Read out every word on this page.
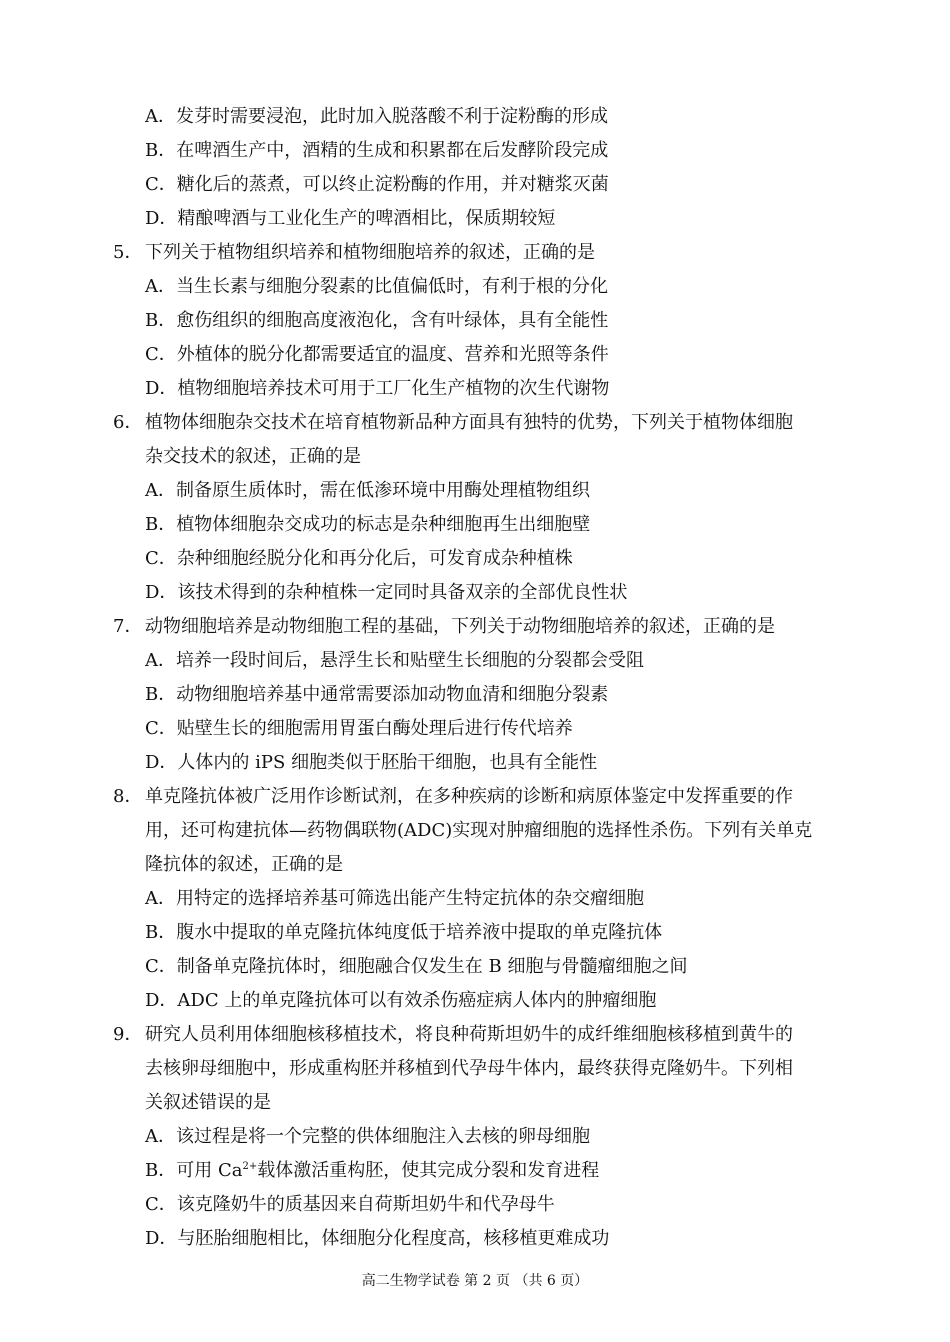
A．发芽时需要浸泡，此时加入脱落酸不利于淀粉酶的形成
B．在啤酒生产中，酒精的生成和积累都在后发酵阶段完成
C．糖化后的蒸煮，可以终止淀粉酶的作用，并对糖浆灭菌
D．精酿啤酒与工业化生产的啤酒相比，保质期较短
5． 下列关于植物组织培养和植物细胞培养的叙述，正确的是
A．当生长素与细胞分裂素的比值偏低时，有利于根的分化
B．愈伤组织的细胞高度液泡化，含有叶绿体，具有全能性
C．外植体的脱分化都需要适宜的温度、营养和光照等条件
D．植物细胞培养技术可用于工厂化生产植物的次生代谢物
6． 植物体细胞杂交技术在培育植物新品种方面具有独特的优势，下列关于植物体细胞
杂交技术的叙述，正确的是
A．制备原生质体时，需在低渗环境中用酶处理植物组织
B．植物体细胞杂交成功的标志是杂种细胞再生出细胞壁
C．杂种细胞经脱分化和再分化后，可发育成杂种植株
D．该技术得到的杂种植株一定同时具备双亲的全部优良性状
7． 动物细胞培养是动物细胞工程的基础，下列关于动物细胞培养的叙述，正确的是
A．培养一段时间后，悬浮生长和贴壁生长细胞的分裂都会受阻
B．动物细胞培养基中通常需要添加动物血清和细胞分裂素
C．贴壁生长的细胞需用胃蛋白酶处理后进行传代培养
D．人体内的 iPS 细胞类似于胚胎干细胞，也具有全能性
8． 单克隆抗体被广泛用作诊断试剂，在多种疾病的诊断和病原体鉴定中发挥重要的作
用，还可构建抗体—药物偶联物(ADC)实现对肿瘤细胞的选择性杀伤。下列有关单克
隆抗体的叙述，正确的是
A．用特定的选择培养基可筛选出能产生特定抗体的杂交瘤细胞
B．腹水中提取的单克隆抗体纯度低于培养液中提取的单克隆抗体
C．制备单克隆抗体时，细胞融合仅发生在 B 细胞与骨髓瘤细胞之间
D．ADC 上的单克隆抗体可以有效杀伤癌症病人体内的肿瘤细胞
9． 研究人员利用体细胞核移植技术，将良种荷斯坦奶牛的成纤维细胞核移植到黄牛的
去核卵母细胞中，形成重构胚并移植到代孕母牛体内，最终获得克隆奶牛。下列相
关叙述错误的是
A．该过程是将一个完整的供体细胞注入去核的卵母细胞
B．可用 $Ca^{2+}$载体激活重构胚，使其完成分裂和发育进程
C．该克隆奶牛的质基因来自荷斯坦奶牛和代孕母牛
D．与胚胎细胞相比，体细胞分化程度高，核移植更难成功
高二生物学试卷 第 2 页 （共 6 页）
